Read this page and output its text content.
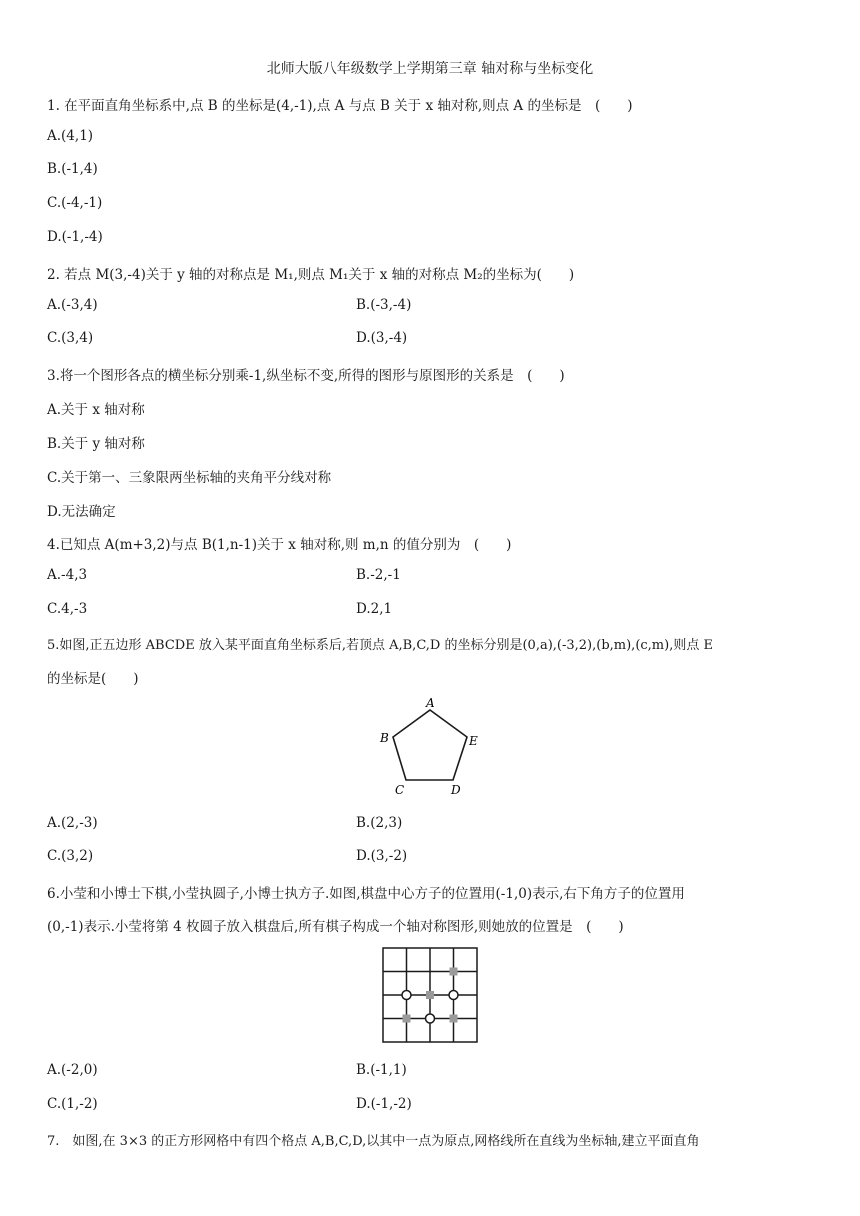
北师大版八年级数学上学期第三章 轴对称与坐标变化
1. 在平面直角坐标系中,点 B 的坐标是(4,-1),点 A 与点 B 关于 x 轴对称,则点 A 的坐标是　(　　)
A.(4,1)
B.(-1,4)
C.(-4,-1)
D.(-1,-4)
2. 若点 M(3,-4)关于 y 轴的对称点是 M₁,则点 M₁关于 x 轴的对称点 M₂的坐标为(　　)
A.(-3,4)	B.(-3,-4)
C.(3,4)	D.(3,-4)
3.将一个图形各点的横坐标分别乘-1,纵坐标不变,所得的图形与原图形的关系是　(　　)
A.关于 x 轴对称
B.关于 y 轴对称
C.关于第一、三象限两坐标轴的夹角平分线对称
D.无法确定
4.已知点 A(m+3,2)与点 B(1,n-1)关于 x 轴对称,则 m,n 的值分别为　(　　)
A.-4,3	B.-2,-1
C.4,-3	D.2,1
5.如图,正五边形 ABCDE 放入某平面直角坐标系后,若顶点 A,B,C,D 的坐标分别是(0,a),(-3,2),(b,m),(c,m),则点 E
的坐标是(　　)
A
B	E
C	D
A.(2,-3)	B.(2,3)
C.(3,2)	D.(3,-2)
6.小莹和小博士下棋,小莹执圆子,小博士执方子.如图,棋盘中心方子的位置用(-1,0)表示,右下角方子的位置用
(0,-1)表示.小莹将第 4 枚圆子放入棋盘后,所有棋子构成一个轴对称图形,则她放的位置是　(　　)
A.(-2,0)	B.(-1,1)
C.(1,-2)	D.(-1,-2)
7.　如图,在 3×3 的正方形网格中有四个格点 A,B,C,D,以其中一点为原点,网格线所在直线为坐标轴,建立平面直角
